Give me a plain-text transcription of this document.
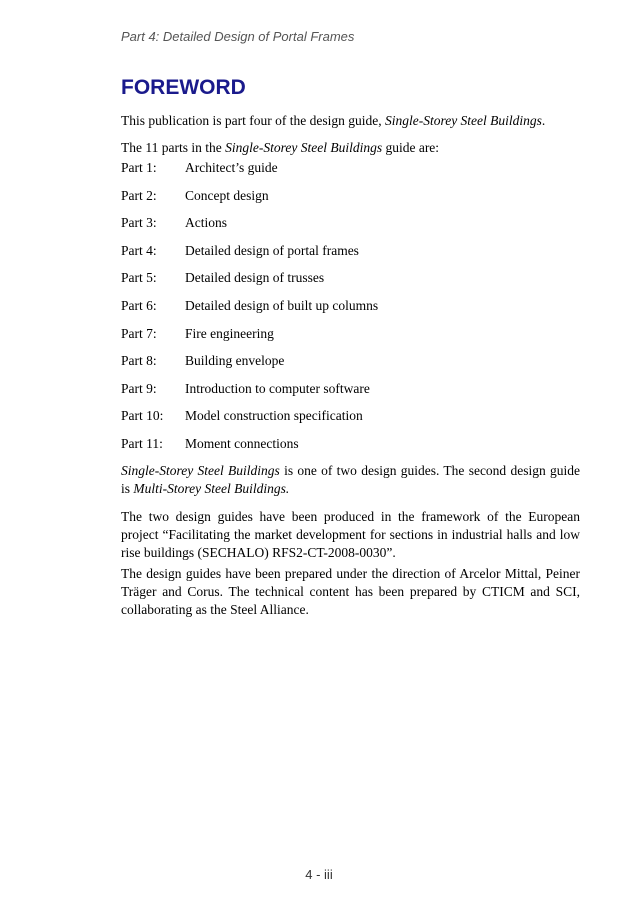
Part 4: Detailed Design of Portal Frames
FOREWORD

This publication is part four of the design guide, Single-Storey Steel Buildings.

The 11 parts in the Single-Storey Steel Buildings guide are:

Part 1:	Architect’s guide
Part 2:	Concept design
Part 3:	Actions
Part 4:	Detailed design of portal frames
Part 5:	Detailed design of trusses
Part 6:	Detailed design of built up columns
Part 7:	Fire engineering
Part 8:	Building envelope
Part 9:	Introduction to computer software
Part 10:	Model construction specification
Part 11:	Moment connections

Single-Storey Steel Buildings is one of two design guides. The second design guide is Multi-Storey Steel Buildings.

The two design guides have been produced in the framework of the European project “Facilitating the market development for sections in industrial halls and low rise buildings (SECHALO) RFS2-CT-2008-0030”.

The design guides have been prepared under the direction of Arcelor Mittal, Peiner Träger and Corus. The technical content has been prepared by CTICM and SCI, collaborating as the Steel Alliance.

4 - iii
